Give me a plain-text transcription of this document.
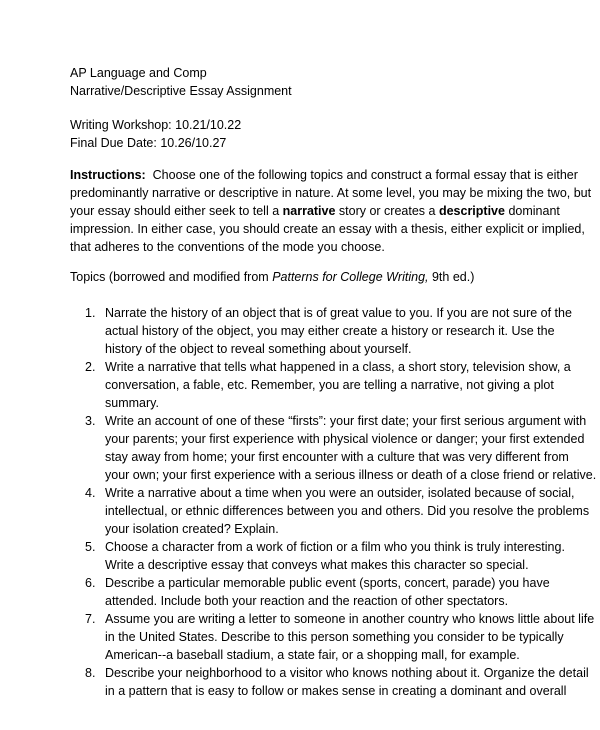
AP Language and Comp
Narrative/Descriptive Essay Assignment
Writing Workshop: 10.21/10.22
Final Due Date: 10.26/10.27
Instructions:  Choose one of the following topics and construct a formal essay that is either
predominantly narrative or descriptive in nature. At some level, you may be mixing the two, but
your essay should either seek to tell a narrative story or creates a descriptive dominant
impression. In either case, you should create an essay with a thesis, either explicit or implied,
that adheres to the conventions of the mode you choose.
Topics (borrowed and modified from Patterns for College Writing, 9th ed.)
1. Narrate the history of an object that is of great value to you. If you are not sure of the
actual history of the object, you may either create a history or research it. Use the
history of the object to reveal something about yourself.
2. Write a narrative that tells what happened in a class, a short story, television show, a
conversation, a fable, etc. Remember, you are telling a narrative, not giving a plot
summary.
3. Write an account of one of these “firsts”: your first date; your first serious argument with
your parents; your first experience with physical violence or danger; your first extended
stay away from home; your first encounter with a culture that was very different from
your own; your first experience with a serious illness or death of a close friend or relative.
4. Write a narrative about a time when you were an outsider, isolated because of social,
intellectual, or ethnic differences between you and others. Did you resolve the problems
your isolation created? Explain.
5. Choose a character from a work of fiction or a film who you think is truly interesting.
Write a descriptive essay that conveys what makes this character so special.
6. Describe a particular memorable public event (sports, concert, parade) you have
attended. Include both your reaction and the reaction of other spectators.
7. Assume you are writing a letter to someone in another country who knows little about life
in the United States. Describe to this person something you consider to be typically
American--a baseball stadium, a state fair, or a shopping mall, for example.
8. Describe your neighborhood to a visitor who knows nothing about it. Organize the detail
in a pattern that is easy to follow or makes sense in creating a dominant and overall
